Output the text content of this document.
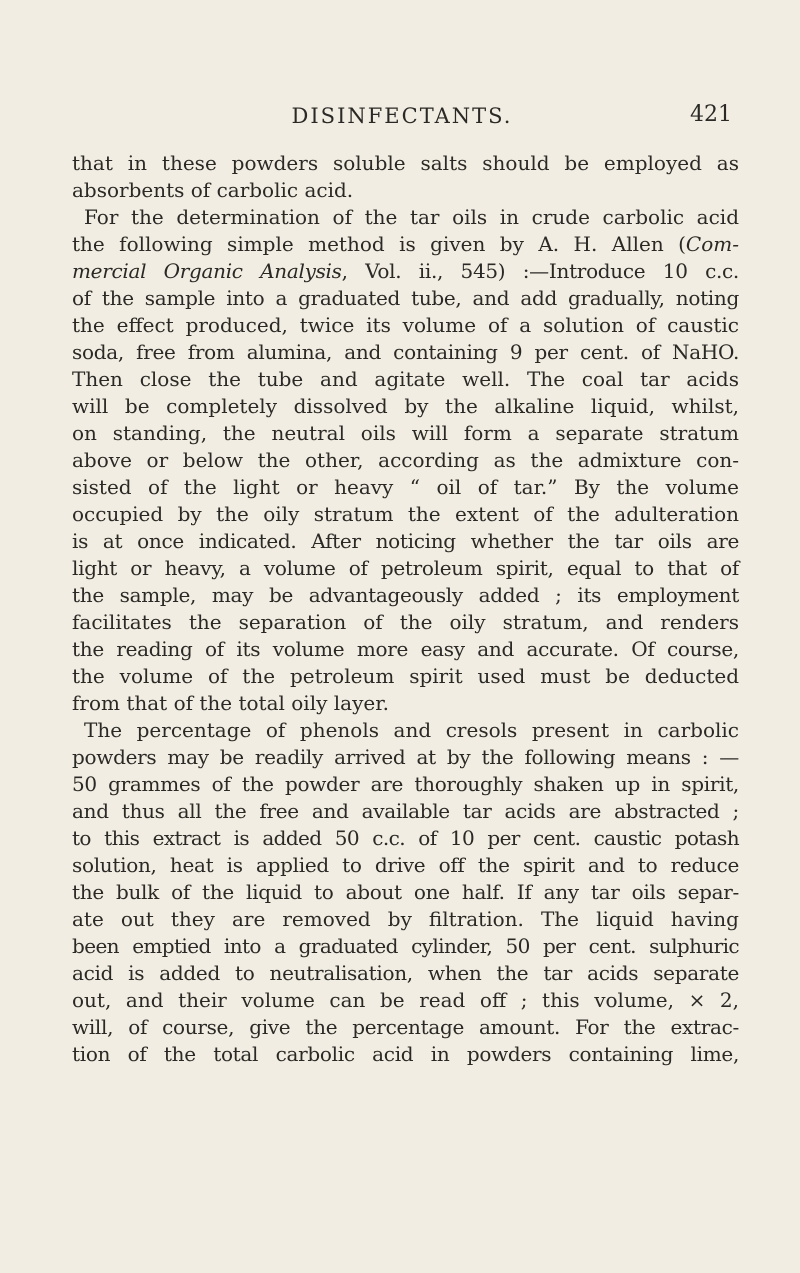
DISINFECTANTS.	421
that in these powders soluble salts should be employed as
absorbents of carbolic acid.
For the determination of the tar oils in crude carbolic acid
the following simple method is given by A. H. Allen (Com-
mercial Organic Analysis, Vol. ii., 545) :—Introduce 10 c.c.
of the sample into a graduated tube, and add gradually, noting
the effect produced, twice its volume of a solution of caustic
soda, free from alumina, and containing 9 per cent. of NaHO.
Then close the tube and agitate well. The coal tar acids
will be completely dissolved by the alkaline liquid, whilst,
on standing, the neutral oils will form a separate stratum
above or below the other, according as the admixture con-
sisted of the light or heavy “ oil of tar.” By the volume
occupied by the oily stratum the extent of the adulteration
is at once indicated. After noticing whether the tar oils are
light or heavy, a volume of petroleum spirit, equal to that of
the sample, may be advantageously added ; its employment
facilitates the separation of the oily stratum, and renders
the reading of its volume more easy and accurate. Of course,
the volume of the petroleum spirit used must be deducted
from that of the total oily layer.
The percentage of phenols and cresols present in carbolic
powders may be readily arrived at by the following means : —
50 grammes of the powder are thoroughly shaken up in spirit,
and thus all the free and available tar acids are abstracted ;
to this extract is added 50 c.c. of 10 per cent. caustic potash
solution, heat is applied to drive off the spirit and to reduce
the bulk of the liquid to about one half. If any tar oils separ-
ate out they are removed by filtration. The liquid having
been emptied into a graduated cylinder, 50 per cent. sulphuric
acid is added to neutralisation, when the tar acids separate
out, and their volume can be read off ; this volume, × 2,
will, of course, give the percentage amount. For the extrac-
tion of the total carbolic acid in powders containing lime,
